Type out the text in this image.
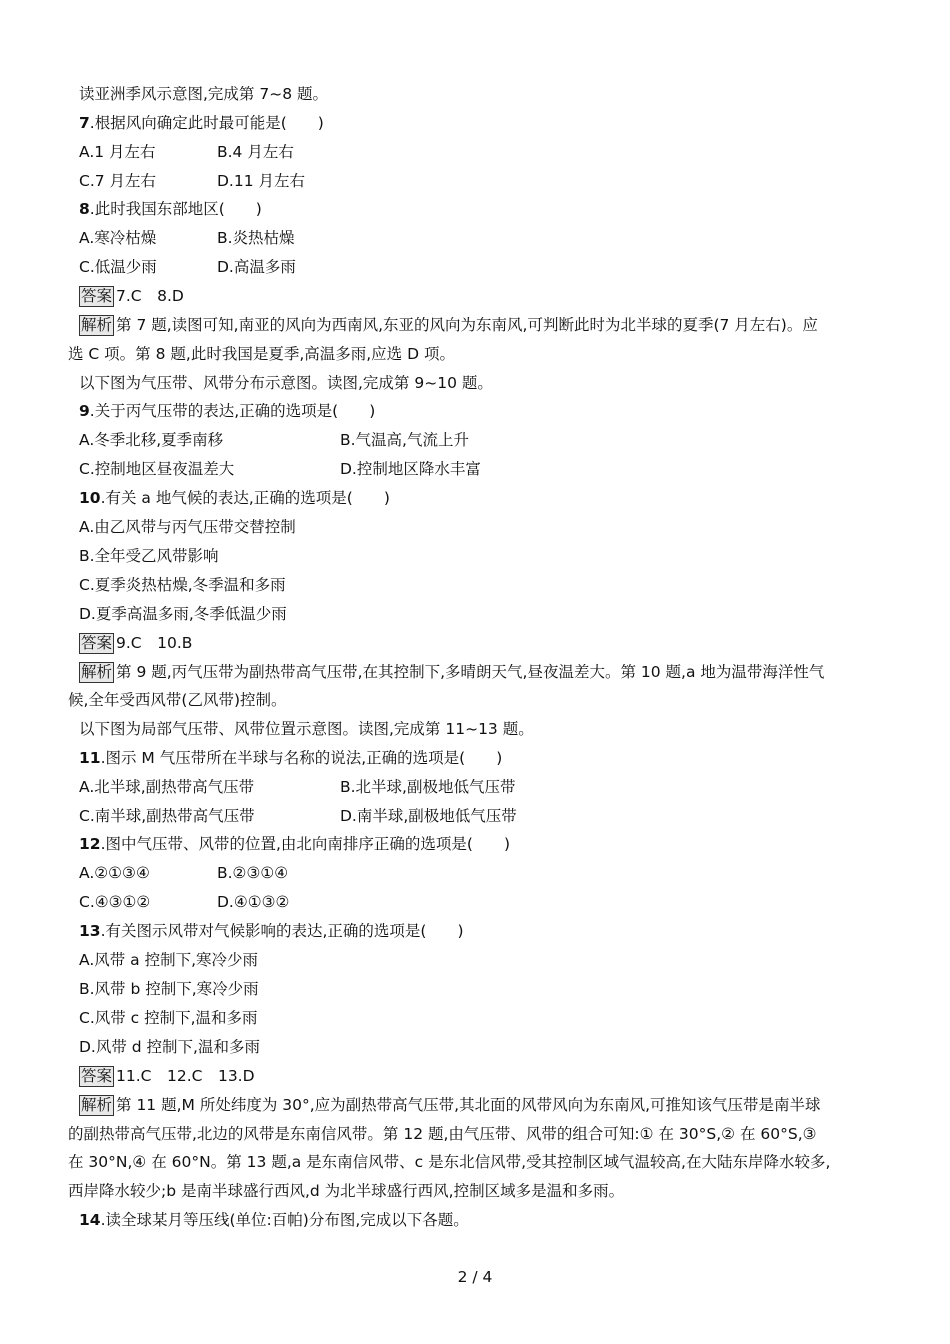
读亚洲季风示意图,完成第 7~8 题。
7.根据风向确定此时最可能是(　　)
A.1 月左右	B.4 月左右
C.7 月左右	D.11 月左右
8.此时我国东部地区(　　)
A.寒冷枯燥	B.炎热枯燥
C.低温少雨	D.高温多雨
答案 7.C　8.D
解析 第 7 题,读图可知,南亚的风向为西南风,东亚的风向为东南风,可判断此时为北半球的夏季(7 月左右)。应
选 C 项。第 8 题,此时我国是夏季,高温多雨,应选 D 项。
以下图为气压带、风带分布示意图。读图,完成第 9~10 题。
9.关于丙气压带的表达,正确的选项是(　　)
A.冬季北移,夏季南移	B.气温高,气流上升
C.控制地区昼夜温差大	D.控制地区降水丰富
10.有关 a 地气候的表达,正确的选项是(　　)
A.由乙风带与丙气压带交替控制
B.全年受乙风带影响
C.夏季炎热枯燥,冬季温和多雨
D.夏季高温多雨,冬季低温少雨
答案 9.C　10.B
解析 第 9 题,丙气压带为副热带高气压带,在其控制下,多晴朗天气,昼夜温差大。第 10 题,a 地为温带海洋性气
候,全年受西风带(乙风带)控制。
以下图为局部气压带、风带位置示意图。读图,完成第 11~13 题。
11.图示 M 气压带所在半球与名称的说法,正确的选项是(　　)
A.北半球,副热带高气压带	B.北半球,副极地低气压带
C.南半球,副热带高气压带	D.南半球,副极地低气压带
12.图中气压带、风带的位置,由北向南排序正确的选项是(　　)
A.②①③④	B.②③①④
C.④③①②	D.④①③②
13.有关图示风带对气候影响的表达,正确的选项是(　　)
A.风带 a 控制下,寒冷少雨
B.风带 b 控制下,寒冷少雨
C.风带 c 控制下,温和多雨
D.风带 d 控制下,温和多雨
答案 11.C　12.C　13.D
解析 第 11 题,M 所处纬度为 30°,应为副热带高气压带,其北面的风带风向为东南风,可推知该气压带是南半球
的副热带高气压带,北边的风带是东南信风带。第 12 题,由气压带、风带的组合可知:① 在 30°S,② 在 60°S,③
在 30°N,④ 在 60°N。第 13 题,a 是东南信风带、c 是东北信风带,受其控制区域气温较高,在大陆东岸降水较多,
西岸降水较少;b 是南半球盛行西风,d 为北半球盛行西风,控制区域多是温和多雨。
14.读全球某月等压线(单位:百帕)分布图,完成以下各题。
2 / 4
